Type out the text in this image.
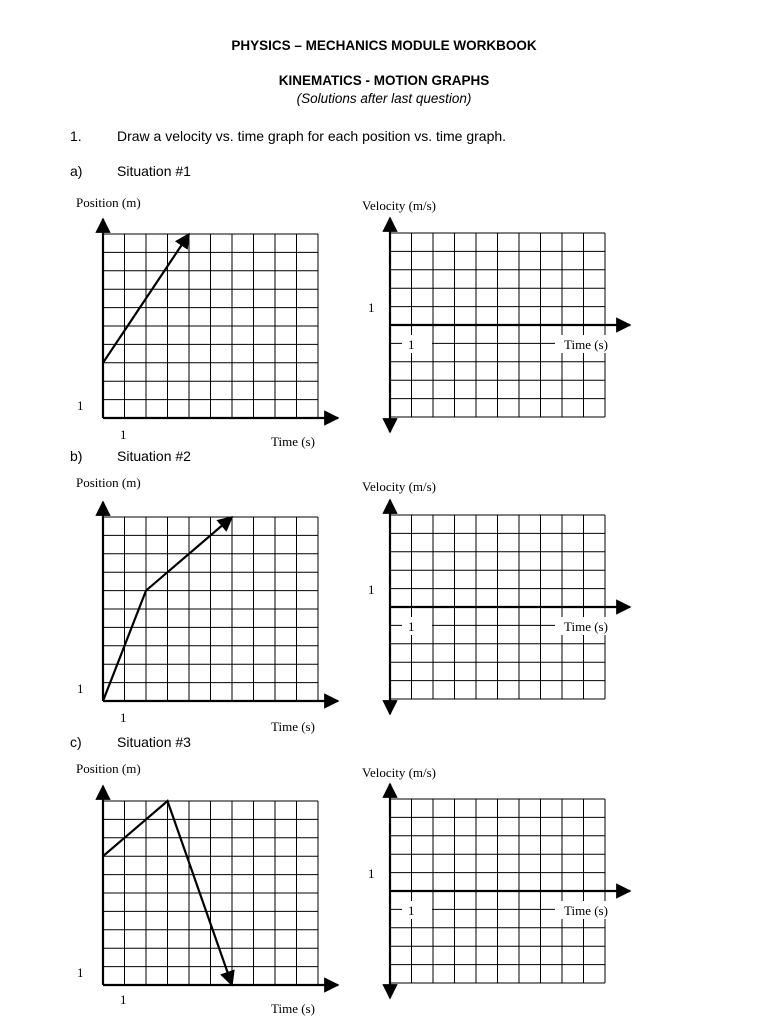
PHYSICS – MECHANICS MODULE WORKBOOK
KINEMATICS - MOTION GRAPHS
(Solutions after last question)
1.	Draw a velocity vs. time graph for each position vs. time graph.
a) Situation #1
b) Situation #2
c)	Situation #3
Position (m)
Time (s)
1
1
Velocity (m/s)
Time (s)
1
1
Position (m)
Time (s)
1
1
Velocity (m/s)
Time (s)
1
1
Position (m)
Time (s)
1
1
Velocity (m/s)
Time (s)
1
1
